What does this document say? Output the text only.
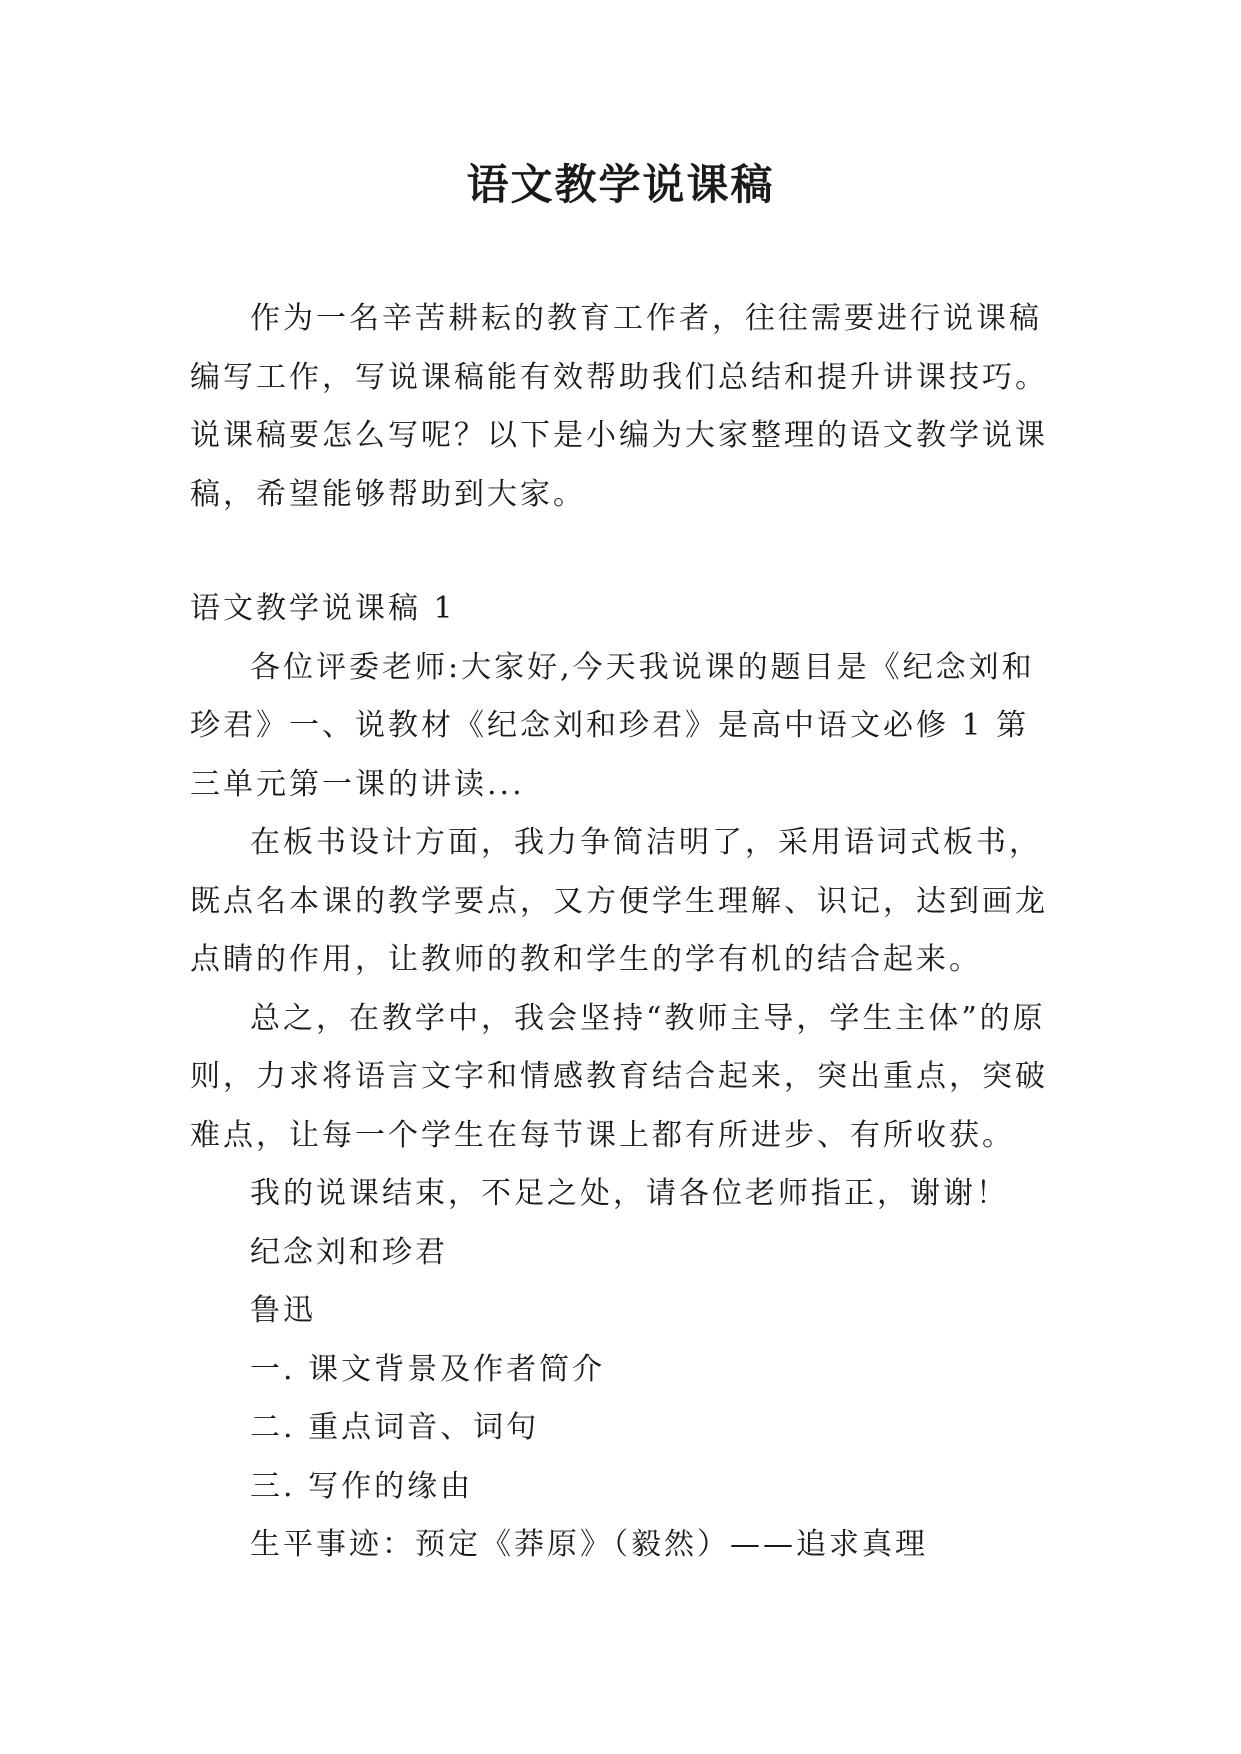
语文教学说课稿

作为一名辛苦耕耘的教育工作者，往往需要进行说课稿编写工作，写说课稿能有效帮助我们总结和提升讲课技巧。说课稿要怎么写呢？以下是小编为大家整理的语文教学说课稿，希望能够帮助到大家。

语文教学说课稿 1

各位评委老师:大家好,今天我说课的题目是《纪念刘和珍君》一、说教材《纪念刘和珍君》是高中语文必修 1 第三单元第一课的讲读...

在板书设计方面，我力争简洁明了，采用语词式板书，既点名本课的教学要点，又方便学生理解、识记，达到画龙点睛的作用，让教师的教和学生的学有机的结合起来。

总之，在教学中，我会坚持“教师主导，学生主体”的原则，力求将语言文字和情感教育结合起来，突出重点，突破难点，让每一个学生在每节课上都有所进步、有所收获。

我的说课结束，不足之处，请各位老师指正，谢谢！

纪念刘和珍君

鲁迅

一. 课文背景及作者简介

二. 重点词音、词句

三. 写作的缘由

生平事迹：预定《莽原》（毅然）——追求真理
